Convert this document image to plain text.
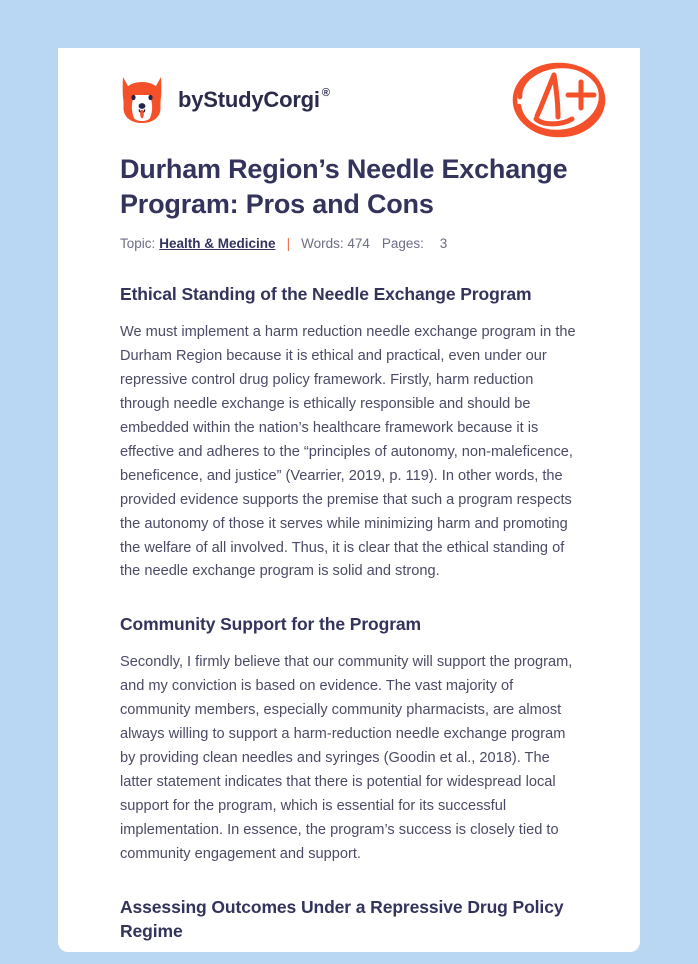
by StudyCorgi ®
Durham Region’s Needle Exchange Program: Pros and Cons
Topic: Health & Medicine | Words:
474 Pages:
3
Ethical Standing of the Needle Exchange Program

We must implement a harm reduction needle exchange program in the Durham Region because it is ethical and practical, even under our repressive control drug policy framework. Firstly, harm reduction through needle exchange is ethically responsible and should be embedded within the nation’s healthcare framework because it is effective and adheres to the “principles of autonomy, non-maleficence, beneficence, and justice” (Vearrier, 2019, p. 119). In other words, the provided evidence supports the premise that such a program respects the autonomy of those it serves while minimizing harm and promoting the welfare of all involved. Thus, it is clear that the ethical standing of the needle exchange program is solid and strong.

Community Support for the Program

Secondly, I firmly believe that our community will support the program, and my conviction is based on evidence. The vast majority of community members, especially community pharmacists, are almost always willing to support a harm-reduction needle exchange program by providing clean needles and syringes (Goodin et al., 2018). The latter statement indicates that there is potential for widespread local support for the program, which is essential for its successful implementation. In essence, the program’s success is closely tied to community engagement and support.

Assessing Outcomes Under a Repressive Drug Policy Regime
